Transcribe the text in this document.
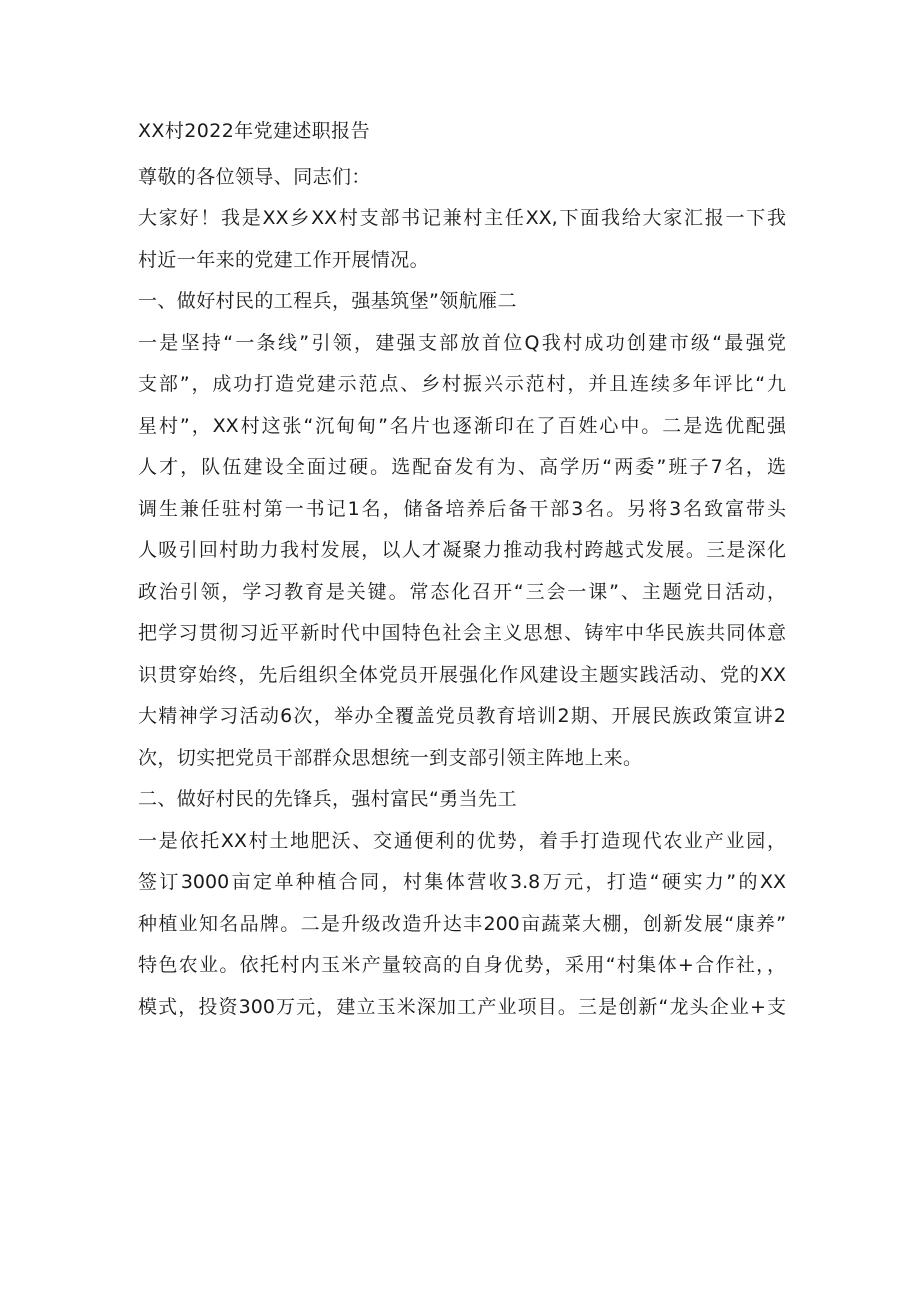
XX村2022年党建述职报告
尊敬的各位领导、同志们：
大家好！我是XX乡XX村支部书记兼村主任XX,下面我给大家汇报一下我
村近一年来的党建工作开展情况。
一、做好村民的工程兵，强基筑堡”领航雁二
一是坚持“一条线”引领，建强支部放首位Q我村成功创建市级“最强党
支部”，成功打造党建示范点、乡村振兴示范村，并且连续多年评比“九
星村”，XX村这张“沉甸甸”名片也逐渐印在了百姓心中。二是选优配强
人才，队伍建设全面过硬。选配奋发有为、高学历“两委”班子7名，选
调生兼任驻村第一书记1名，储备培养后备干部3名。另将3名致富带头
人吸引回村助力我村发展，以人才凝聚力推动我村跨越式发展。三是深化
政治引领，学习教育是关键。常态化召开“三会一课”、主题党日活动，
把学习贯彻习近平新时代中国特色社会主义思想、铸牢中华民族共同体意
识贯穿始终，先后组织全体党员开展强化作风建设主题实践活动、党的XX
大精神学习活动6次，举办全覆盖党员教育培训2期、开展民族政策宣讲2
次，切实把党员干部群众思想统一到支部引领主阵地上来。
二、做好村民的先锋兵，强村富民“勇当先工
一是依托XX村土地肥沃、交通便利的优势，着手打造现代农业产业园，
签订3000亩定单种植合同，村集体营收3.8万元，打造“硬实力”的XX
种植业知名品牌。二是升级改造升达丰200亩蔬菜大棚，创新发展“康养”
特色农业。依托村内玉米产量较高的自身优势，采用“村集体+合作社，，
模式，投资300万元，建立玉米深加工产业项目。三是创新“龙头企业+支
